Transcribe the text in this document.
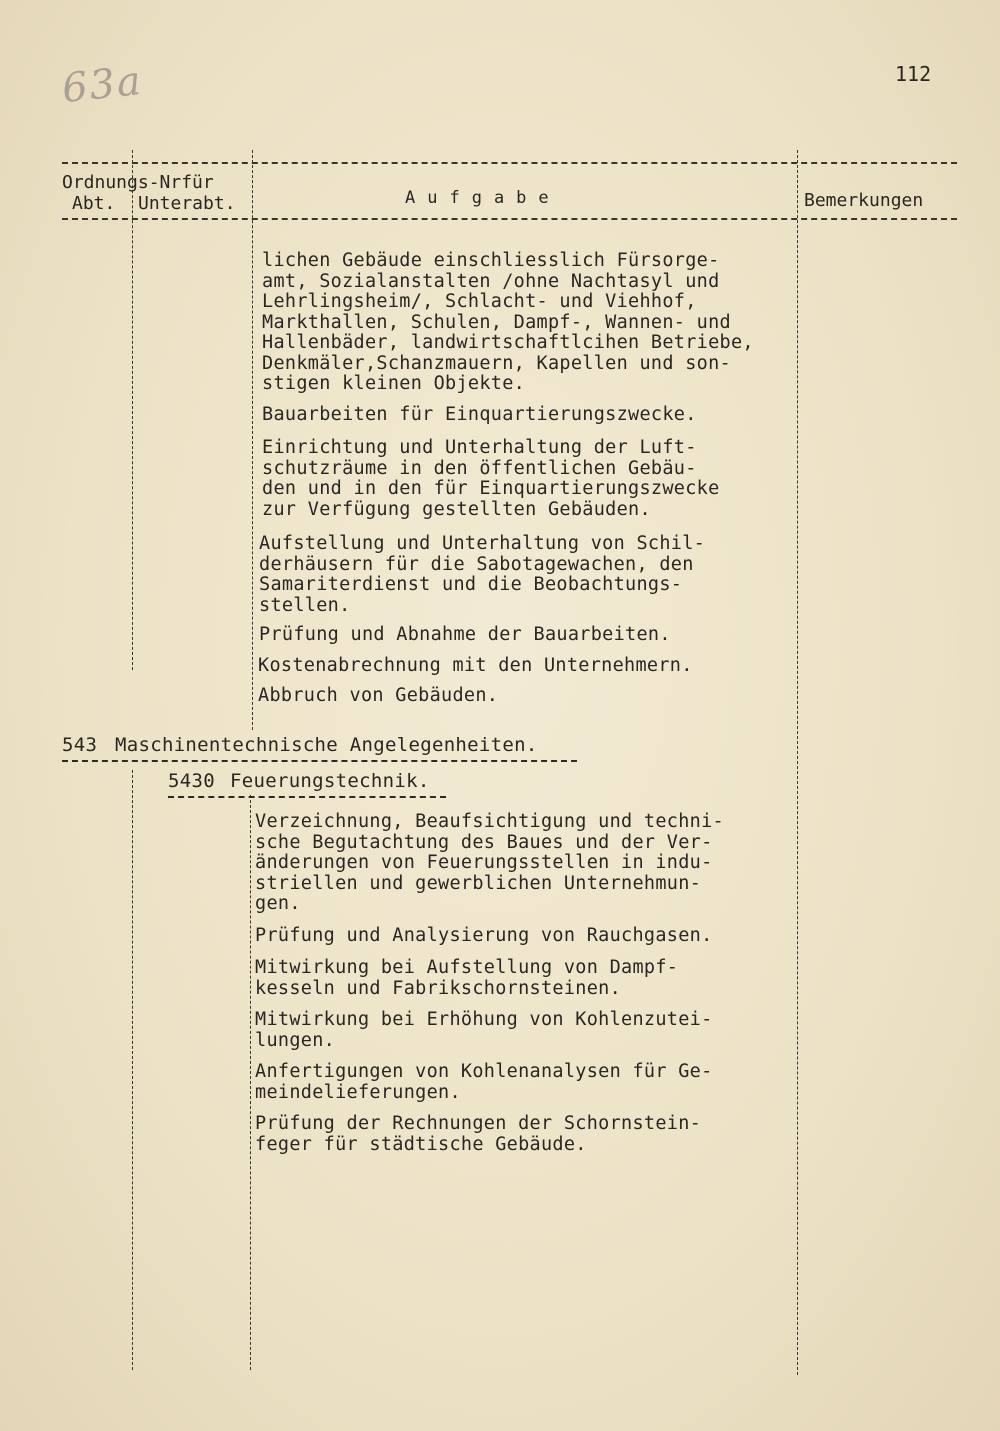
63a	112
Ordnungs-Nrfür
Abt. Unterabt.	Aufgabe	Bemerkungen
lichen Gebäude einschliesslich Fürsorge-
amt, Sozialanstalten /ohne Nachtasyl und
Lehrlingsheim/, Schlacht- und Viehhof,
Markthallen, Schulen, Dampf-, Wannen- und
Hallenbäder, landwirtschaftlcihen Betriebe,
Denkmäler,Schanzmauern, Kapellen und son-
stigen kleinen Objekte.
Bauarbeiten für Einquartierungszwecke.
Einrichtung und Unterhaltung der Luft-
schutzräume in den öffentlichen Gebäu-
den und in den für Einquartierungszwecke
zur Verfügung gestellten Gebäuden.
Aufstellung und Unterhaltung von Schil-
derhäusern für die Sabotagewachen, den
Samariterdienst und die Beobachtungs-
stellen.
Prüfung und Abnahme der Bauarbeiten.
Kostenabrechnung mit den Unternehmern.
Abbruch von Gebäuden.
543 Maschinentechnische Angelegenheiten.
5430 Feuerungstechnik.
Verzeichnung, Beaufsichtigung und techni-
sche Begutachtung des Baues und der Ver-
änderungen von Feuerungsstellen in indu-
striellen und gewerblichen Unternehmun-
gen.
Prüfung und Analysierung von Rauchgasen.
Mitwirkung bei Aufstellung von Dampf-
kesseln und Fabrikschornsteinen.
Mitwirkung bei Erhöhung von Kohlenzutei-
lungen.
Anfertigungen von Kohlenanalysen für Ge-
meindelieferungen.
Prüfung der Rechnungen der Schornstein-
feger für städtische Gebäude.
